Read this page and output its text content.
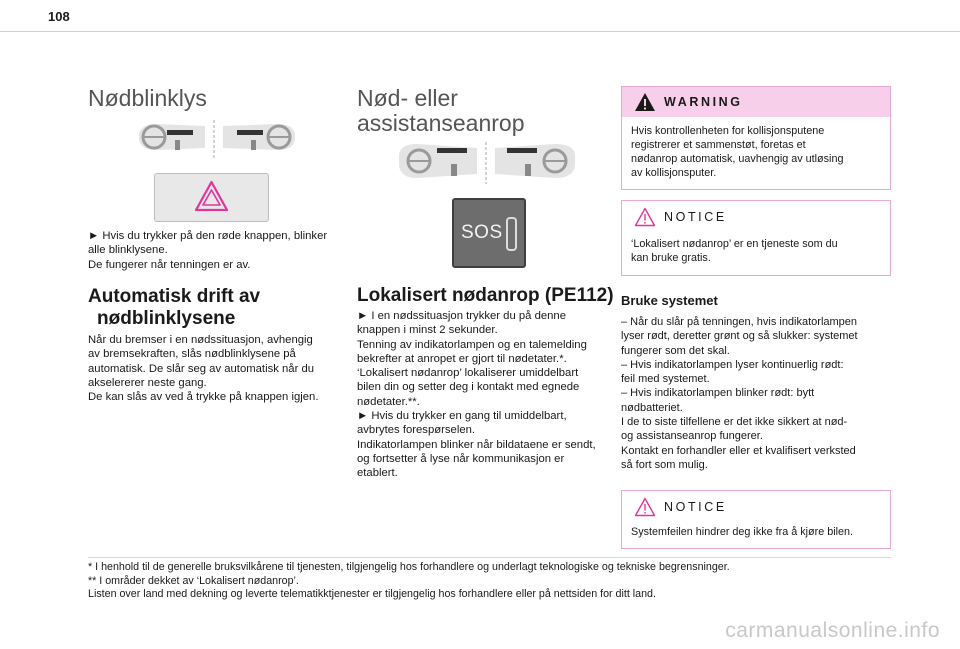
108
Nødblinklys
► Hvis du trykker på den røde knappen, blinker
alle blinklysene.
De fungerer når tenningen er av.
Automatisk drift av
nødblinklysene
Når du bremser i en nødssituasjon, avhengig
av bremsekraften, slås nødblinklysene på
automatisk. De slår seg av automatisk når du
akselererer neste gang.
De kan slås av ved å trykke på knappen igjen.
Nød- eller
assistanseanrop
SOS
Lokalisert nødanrop (PE112)
► I en nødssituasjon trykker du på denne
knappen i minst 2 sekunder.
Tenning av indikatorlampen og en talemelding
bekrefter at anropet er gjort til nødetater.*.
‘Lokalisert nødanrop’ lokaliserer umiddelbart
bilen din og setter deg i kontakt med egnede
nødetater.**.
► Hvis du trykker en gang til umiddelbart,
avbrytes forespørselen.
Indikatorlampen blinker når bildataene er sendt,
og fortsetter å lyse når kommunikasjon er
etablert.
WARNING
Hvis kontrollenheten for kollisjonsputene
registrerer et sammenstøt, foretas et
nødanrop automatisk, uavhengig av utløsing
av kollisjonsputer.
NOTICE
‘Lokalisert nødanrop’ er en tjeneste som du
kan bruke gratis.
Bruke systemet
– Når du slår på tenningen, hvis indikatorlampen
lyser rødt, deretter grønt og så slukker: systemet
fungerer som det skal.
– Hvis indikatorlampen lyser kontinuerlig rødt:
feil med systemet.
– Hvis indikatorlampen blinker rødt: bytt
nødbatteriet.
I de to siste tilfellene er det ikke sikkert at nød-
og assistanseanrop fungerer.
Kontakt en forhandler eller et kvalifisert verksted
så fort som mulig.
NOTICE
Systemfeilen hindrer deg ikke fra å kjøre bilen.
* I henhold til de generelle bruksvilkårene til tjenesten, tilgjengelig hos forhandlere og underlagt teknologiske og tekniske begrensninger.
** I områder dekket av ‘Lokalisert nødanrop’.
Listen over land med dekning og leverte telematikktjenester er tilgjengelig hos forhandlere eller på nettsiden for ditt land.
carmanualsonline.info
